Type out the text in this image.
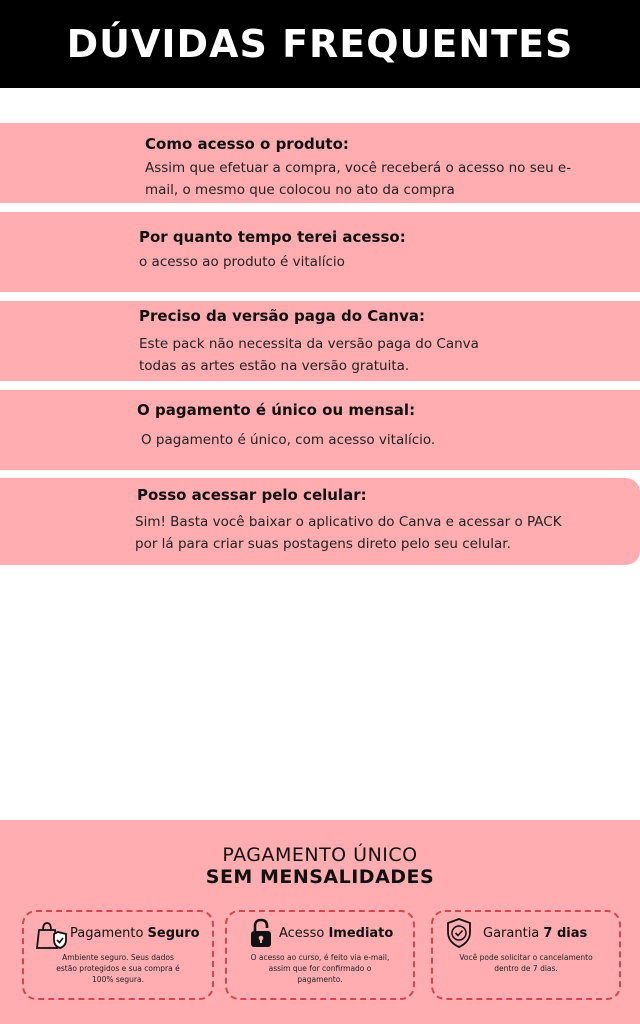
DÚVIDAS FREQUENTES
Como acesso o produto:
Assim que efetuar a compra, você receberá o acesso no seu e-
mail, o mesmo que colocou no ato da compra
Por quanto tempo terei acesso:
o acesso ao produto é vitalício
Preciso da versão paga do Canva:
Este pack não necessita da versão paga do Canva
todas as artes estão na versão gratuita.
O pagamento é único ou mensal:
O pagamento é único, com acesso vitalício.
Posso acessar pelo celular:
Sim! Basta você baixar o aplicativo do Canva e acessar o PACK
por lá para criar suas postagens direto pelo seu celular.
PAGAMENTO ÚNICO
SEM MENSALIDADES
Pagamento Seguro
Ambiente seguro. Seus dados
estão protegidos e sua compra é
100% segura.
Acesso Imediato
O acesso ao curso, é feito via e-mail,
assim que for confirmado o
pagamento.
Garantia 7 dias
Você pode solicitar o cancelamento
dentro de 7 dias.
